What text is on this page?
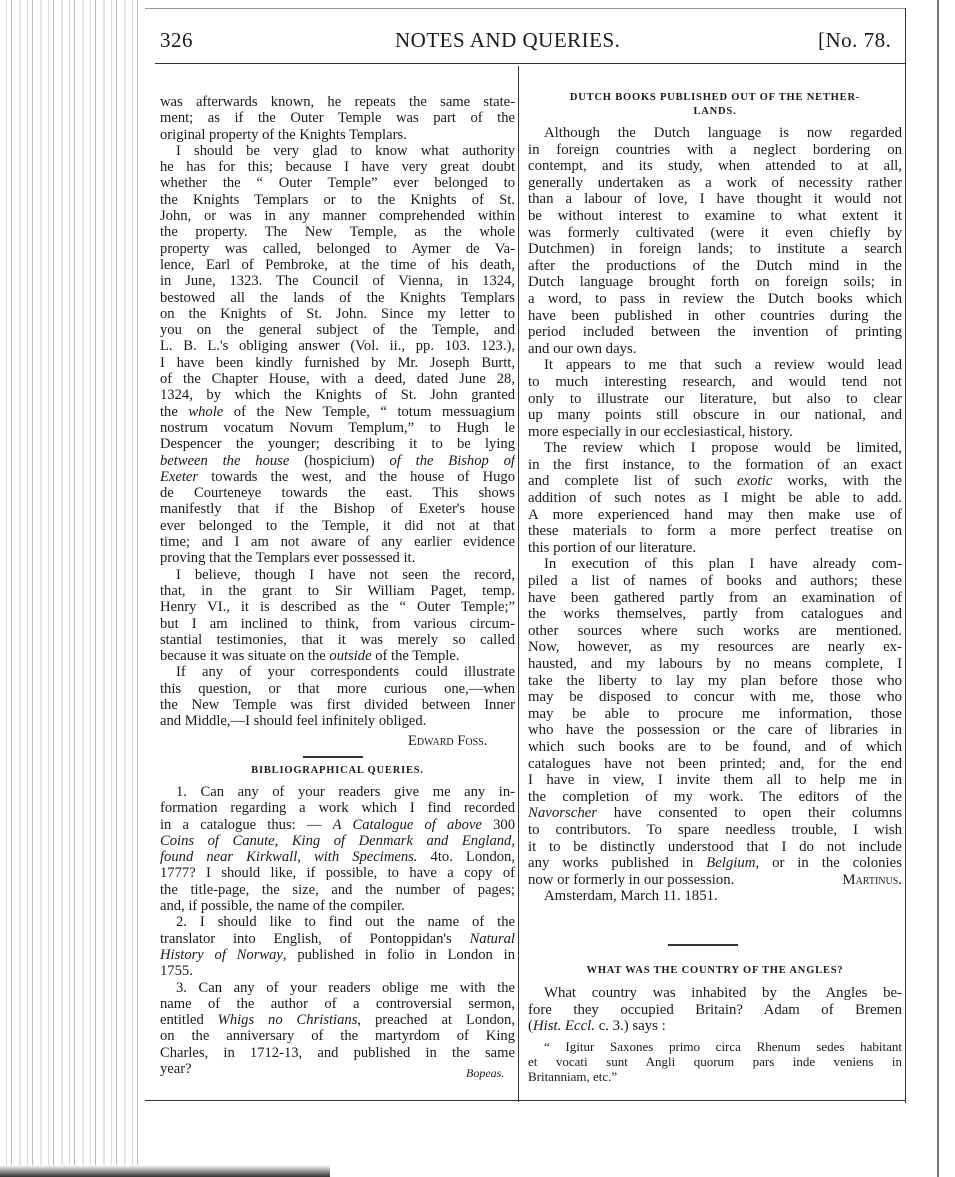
326	NOTES AND QUERIES.	[No. 78.
was afterwards known, he repeats the same state-
ment; as if the Outer Temple was part of the
original property of the Knights Templars.
I should be very glad to know what authority
he has for this; because I have very great doubt
whether the “ Outer Temple” ever belonged to
the Knights Templars or to the Knights of St.
John, or was in any manner comprehended within
the property. The New Temple, as the whole
property was called, belonged to Aymer de Va-
lence, Earl of Pembroke, at the time of his death,
in June, 1323. The Council of Vienna, in 1324,
bestowed all the lands of the Knights Templars
on the Knights of St. John. Since my letter to
you on the general subject of the Temple, and
L. B. L.'s obliging answer (Vol. ii., pp. 103. 123.),
I have been kindly furnished by Mr. Joseph Burtt,
of the Chapter House, with a deed, dated June 28,
1324, by which the Knights of St. John granted
the whole of the New Temple, “ totum messuagium
nostrum vocatum Novum Templum,” to Hugh le
Despencer the younger; describing it to be lying
between the house (hospicium) of the Bishop of
Exeter towards the west, and the house of Hugo
de Courteneye towards the east. This shows
manifestly that if the Bishop of Exeter's house
ever belonged to the Temple, it did not at that
time; and I am not aware of any earlier evidence
proving that the Templars ever possessed it.
I believe, though I have not seen the record,
that, in the grant to Sir William Paget, temp.
Henry VI., it is described as the “ Outer Temple;”
but I am inclined to think, from various circum-
stantial testimonies, that it was merely so called
because it was situate on the outside of the Temple.
If any of your correspondents could illustrate
this question, or that more curious one,—when
the New Temple was first divided between Inner
and Middle,—I should feel infinitely obliged.
Edward Foss.
BIBLIOGRAPHICAL QUERIES.
1. Can any of your readers give me any in-
formation regarding a work which I find recorded
in a catalogue thus: — A Catalogue of above 300
Coins of Canute, King of Denmark and England,
found near Kirkwall, with Specimens. 4to. London,
1777? I should like, if possible, to have a copy of
the title-page, the size, and the number of pages;
and, if possible, the name of the compiler.
2. I should like to find out the name of the
translator into English, of Pontoppidan's Natural
History of Norway, published in folio in London in
1755.
3. Can any of your readers oblige me with the
name of the author of a controversial sermon,
entitled Whigs no Christians, preached at London,
on the anniversary of the martyrdom of King
Charles, in 1712-13, and published in the same
year?	Bopeas.
DUTCH BOOKS PUBLISHED OUT OF THE NETHER-
LANDS.
Although the Dutch language is now regarded
in foreign countries with a neglect bordering on
contempt, and its study, when attended to at all,
generally undertaken as a work of necessity rather
than a labour of love, I have thought it would not
be without interest to examine to what extent it
was formerly cultivated (were it even chiefly by
Dutchmen) in foreign lands; to institute a search
after the productions of the Dutch mind in the
Dutch language brought forth on foreign soils; in
a word, to pass in review the Dutch books which
have been published in other countries during the
period included between the invention of printing
and our own days.
It appears to me that such a review would lead
to much interesting research, and would tend not
only to illustrate our literature, but also to clear
up many points still obscure in our national, and
more especially in our ecclesiastical, history.
The review which I propose would be limited,
in the first instance, to the formation of an exact
and complete list of such exotic works, with the
addition of such notes as I might be able to add.
A more experienced hand may then make use of
these materials to form a more perfect treatise on
this portion of our literature.
In execution of this plan I have already com-
piled a list of names of books and authors; these
have been gathered partly from an examination of
the works themselves, partly from catalogues and
other sources where such works are mentioned.
Now, however, as my resources are nearly ex-
hausted, and my labours by no means complete, I
take the liberty to lay my plan before those who
may be disposed to concur with me, those who
may be able to procure me information, those
who have the possession or the care of libraries in
which such books are to be found, and of which
catalogues have not been printed; and, for the end
I have in view, I invite them all to help me in
the completion of my work. The editors of the
Navorscher have consented to open their columns
to contributors. To spare needless trouble, I wish
it to be distinctly understood that I do not include
any works published in Belgium, or in the colonies
now or formerly in our possession.	Martinus.
Amsterdam, March 11. 1851.
WHAT WAS THE COUNTRY OF THE ANGLES?
What country was inhabited by the Angles be-
fore they occupied Britain? Adam of Bremen
(Hist. Eccl. c. 3.) says :
“ Igitur Saxones primo circa Rhenum sedes habitant
et vocati sunt Angli quorum pars inde veniens in
Britanniam, etc.”
